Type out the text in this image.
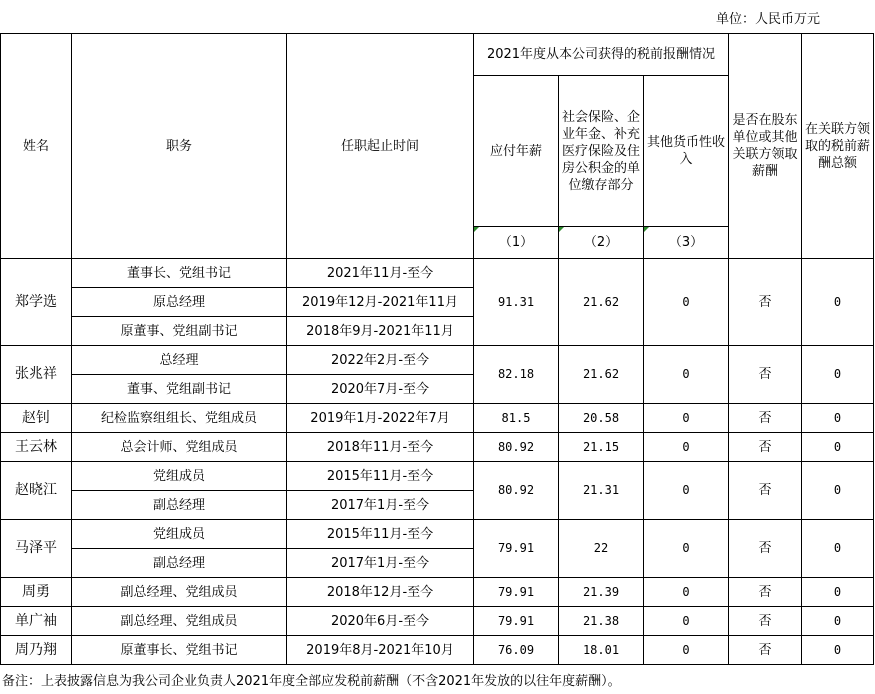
单位：人民币万元
姓名	职务	任职起止时间	2021年度从本公司获得的税前报酬情况			是否在股东单位或其他关联方领取薪酬	在关联方领取的税前薪酬总额
			应付年薪	社会保险、企业年金、补充医疗保险及住房公积金的单位缴存部分	其他货币性收入		
			（1）	（2）	（3）		
郑学选	董事长、党组书记	2021年11月-至今	91.31	21.62	0	否	0
	原总经理	2019年12月-2021年11月					
	原董事、党组副书记	2018年9月-2021年11月					
张兆祥	总经理	2022年2月-至今	82.18	21.62	0	否	0
	董事、党组副书记	2020年7月-至今					
赵钊	纪检监察组组长、党组成员	2019年1月-2022年7月	81.5	20.58	0	否	0
王云林	总会计师、党组成员	2018年11月-至今	80.92	21.15	0	否	0
赵晓江	党组成员	2015年11月-至今	80.92	21.31	0	否	0
	副总经理	2017年1月-至今					
马泽平	党组成员	2015年11月-至今	79.91	22	0	否	0
	副总经理	2017年1月-至今					
周勇	副总经理、党组成员	2018年12月-至今	79.91	21.39	0	否	0
单广袖	副总经理、党组成员	2020年6月-至今	79.91	21.38	0	否	0
周乃翔	原董事长、党组书记	2019年8月-2021年10月	76.09	18.01	0	否	0
备注：上表披露信息为我公司企业负责人2021年度全部应发税前薪酬（不含2021年发放的以往年度薪酬）。
